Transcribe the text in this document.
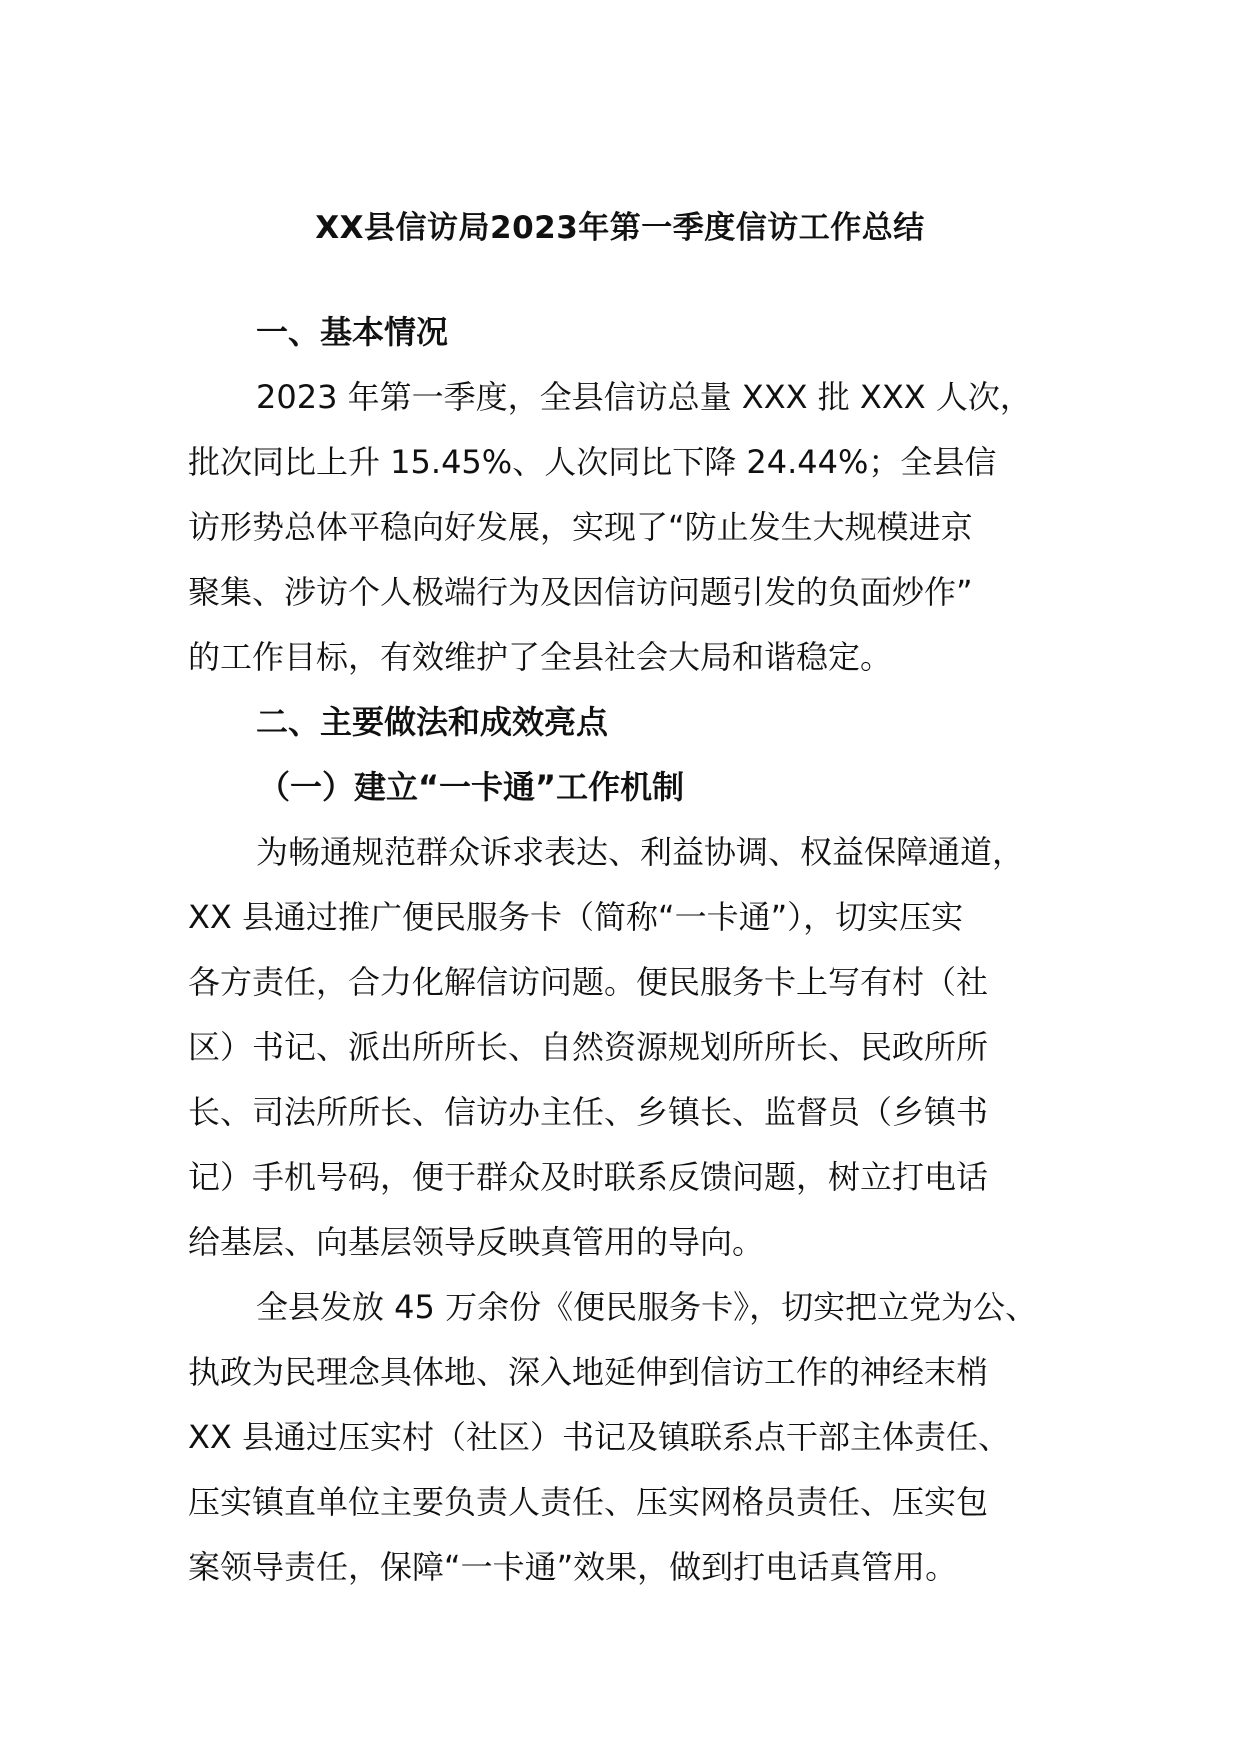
XX县信访局2023年第一季度信访工作总结
一、基本情况
2023 年第一季度，全县信访总量 XXX 批 XXX 人次，
批次同比上升 15.45%、人次同比下降 24.44%；全县信
访形势总体平稳向好发展，实现了“防止发生大规模进京
聚集、涉访个人极端行为及因信访问题引发的负面炒作”
的工作目标，有效维护了全县社会大局和谐稳定。
二、主要做法和成效亮点
（一）建立“一卡通”工作机制
为畅通规范群众诉求表达、利益协调、权益保障通道，
XX 县通过推广便民服务卡（简称“一卡通”），切实压实
各方责任，合力化解信访问题。便民服务卡上写有村（社
区）书记、派出所所长、自然资源规划所所长、民政所所
长、司法所所长、信访办主任、乡镇长、监督员（乡镇书
记）手机号码，便于群众及时联系反馈问题，树立打电话
给基层、向基层领导反映真管用的导向。
全县发放 45 万余份《便民服务卡》，切实把立党为公、
执政为民理念具体地、深入地延伸到信访工作的神经末梢
XX 县通过压实村（社区）书记及镇联系点干部主体责任、
压实镇直单位主要负责人责任、压实网格员责任、压实包
案领导责任，保障“一卡通”效果，做到打电话真管用。
